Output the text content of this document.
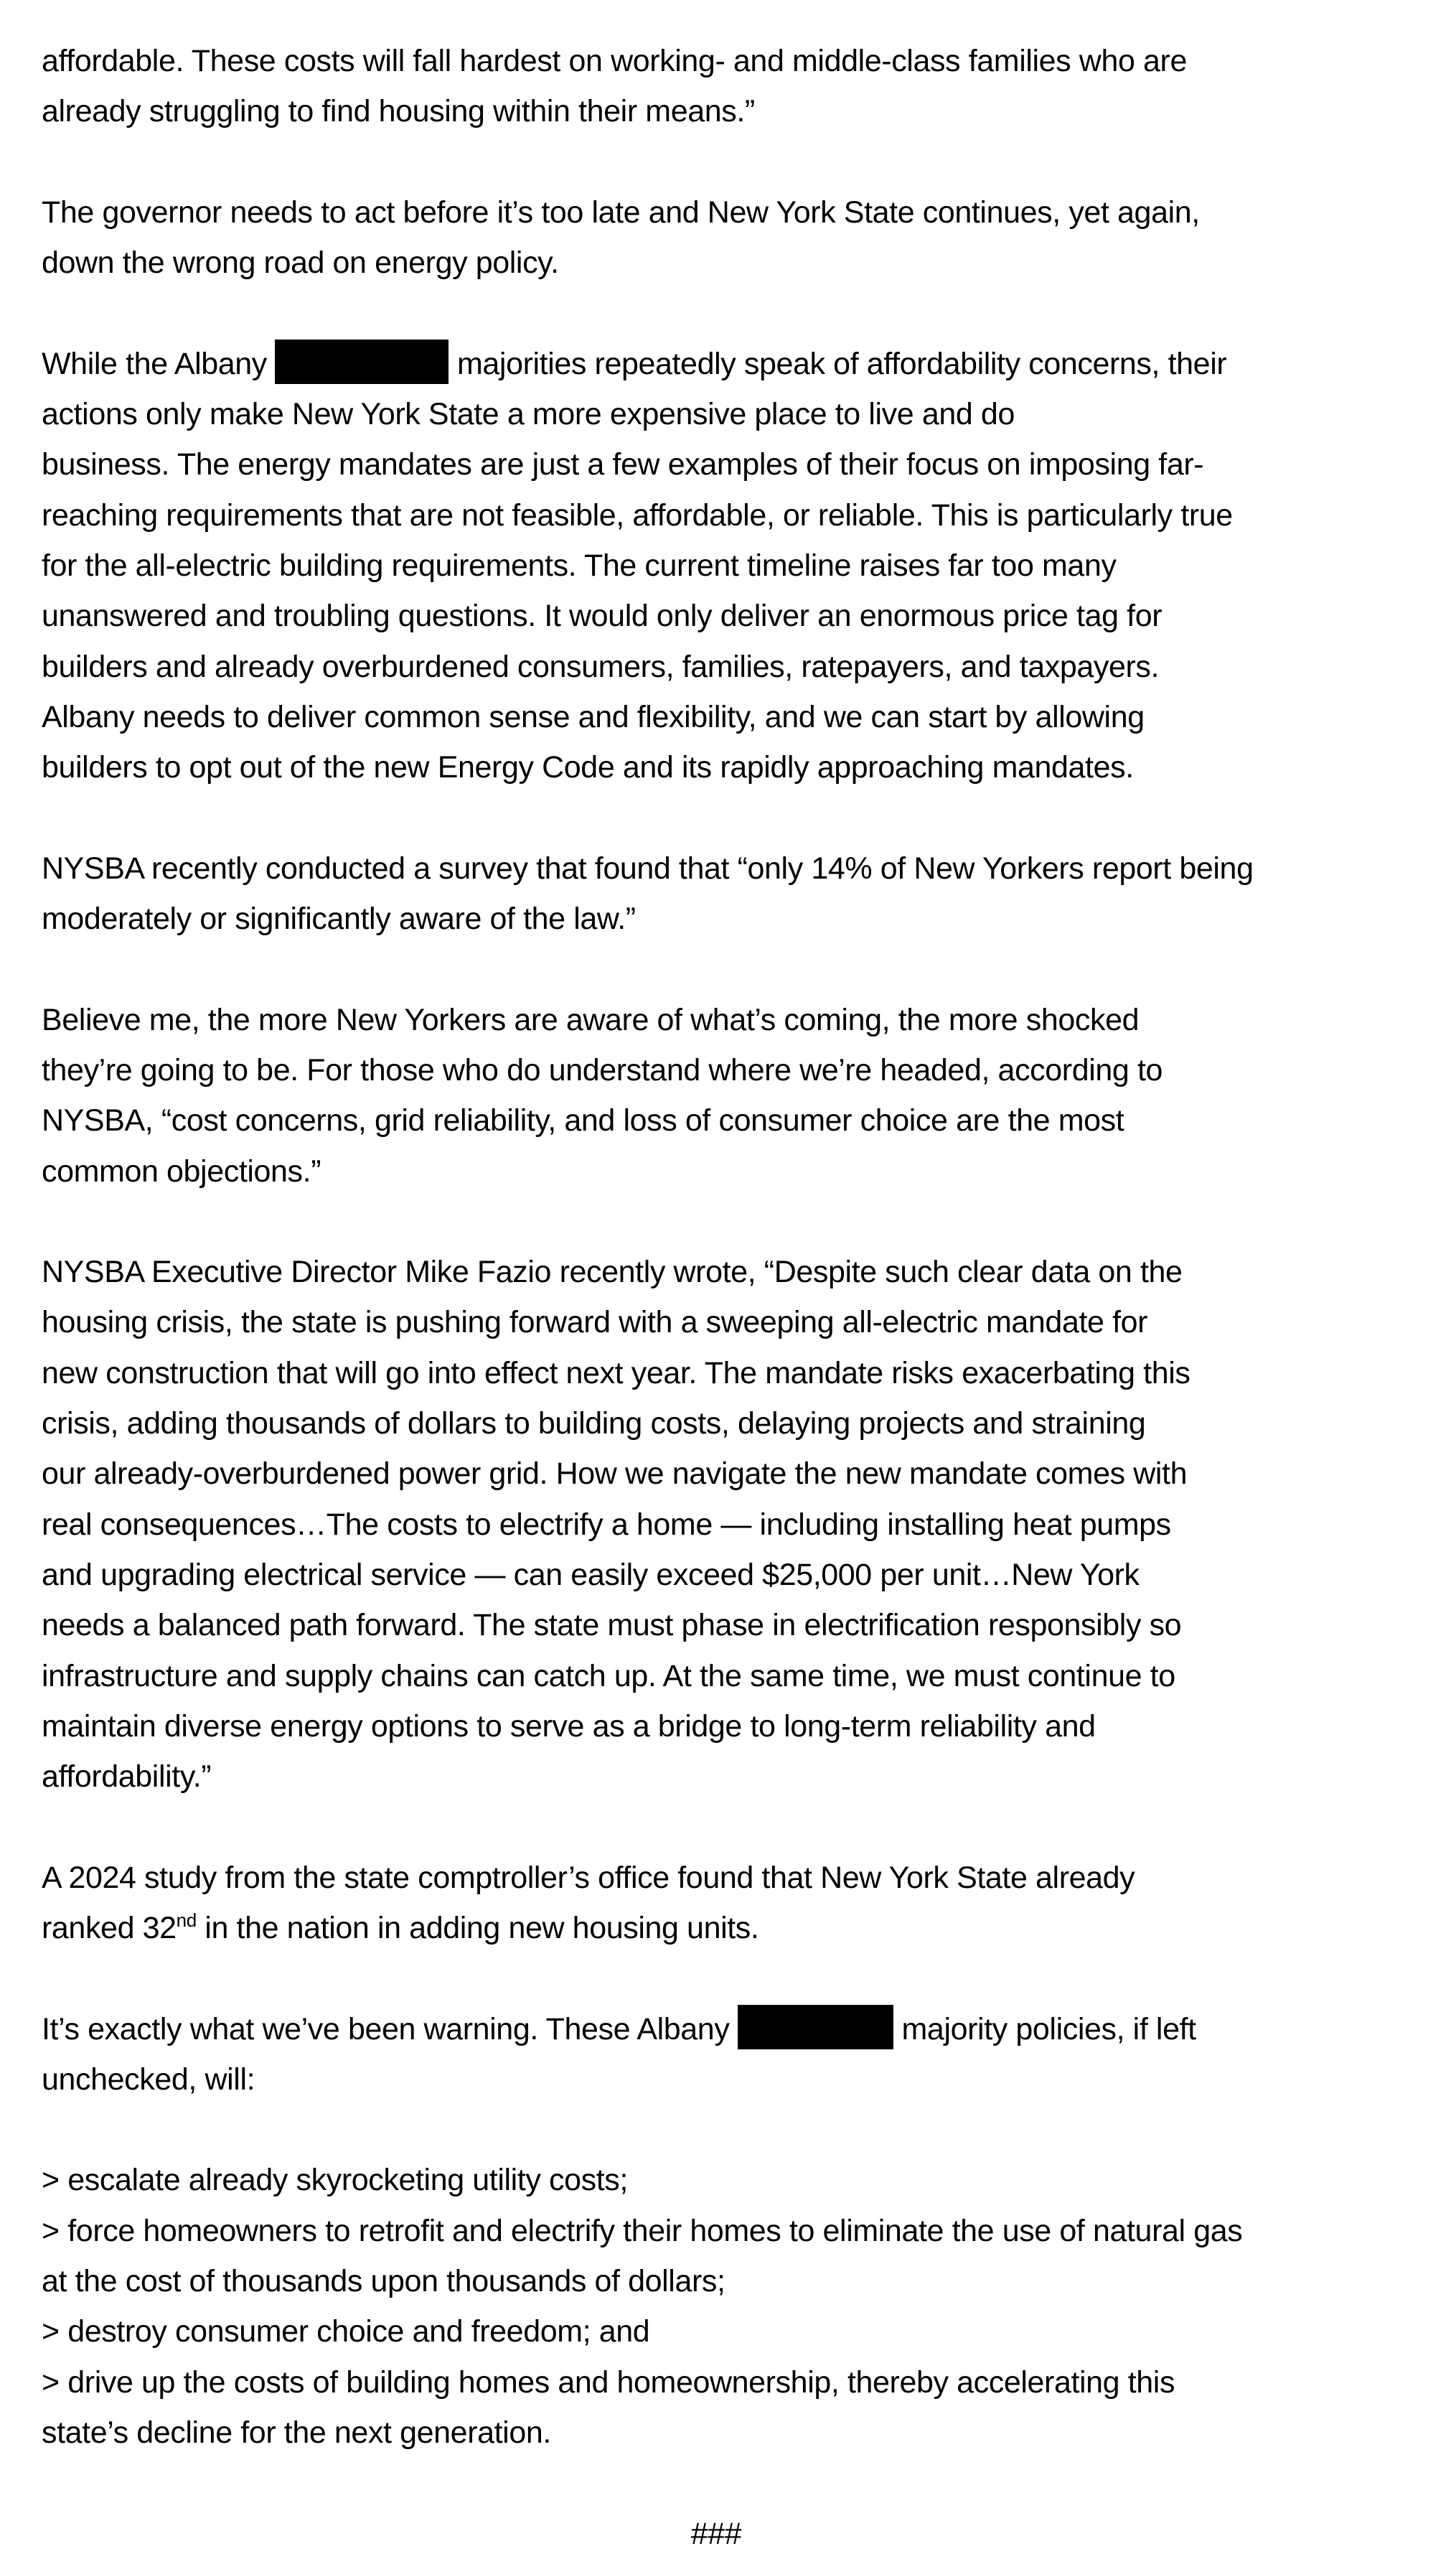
affordable. These costs will fall hardest on working- and middle-class families who are
already struggling to find housing within their means.”
The governor needs to act before it’s too late and New York State continues, yet again,
down the wrong road on energy policy.
While the Albany	majorities repeatedly speak of affordability concerns, their
actions only make New York State a more expensive place to live and do
business. The energy mandates are just a few examples of their focus on imposing far-
reaching requirements that are not feasible, affordable, or reliable. This is particularly true
for the all-electric building requirements. The current timeline raises far too many
unanswered and troubling questions. It would only deliver an enormous price tag for
builders and already overburdened consumers, families, ratepayers, and taxpayers.
Albany needs to deliver common sense and flexibility, and we can start by allowing
builders to opt out of the new Energy Code and its rapidly approaching mandates.
NYSBA recently conducted a survey that found that “only 14% of New Yorkers report being
moderately or significantly aware of the law.”
Believe me, the more New Yorkers are aware of what’s coming, the more shocked
they’re going to be. For those who do understand where we’re headed, according to
NYSBA, “cost concerns, grid reliability, and loss of consumer choice are the most
common objections.”
NYSBA Executive Director Mike Fazio recently wrote, “Despite such clear data on the
housing crisis, the state is pushing forward with a sweeping all-electric mandate for
new construction that will go into effect next year. The mandate risks exacerbating this
crisis, adding thousands of dollars to building costs, delaying projects and straining
our already-overburdened power grid. How we navigate the new mandate comes with
real consequences…The costs to electrify a home — including installing heat pumps
and upgrading electrical service — can easily exceed $25,000 per unit…New York
needs a balanced path forward. The state must phase in electrification responsibly so
infrastructure and supply chains can catch up. At the same time, we must continue to
maintain diverse energy options to serve as a bridge to long-term reliability and
affordability.”
A 2024 study from the state comptroller’s office found that New York State already
ranked 32nd in the nation in adding new housing units.
It’s exactly what we’ve been warning. These Albany	majority policies, if left
unchecked, will:
> escalate already skyrocketing utility costs;
> force homeowners to retrofit and electrify their homes to eliminate the use of natural gas
at the cost of thousands upon thousands of dollars;
> destroy consumer choice and freedom; and
> drive up the costs of building homes and homeownership, thereby accelerating this
state’s decline for the next generation.
###
